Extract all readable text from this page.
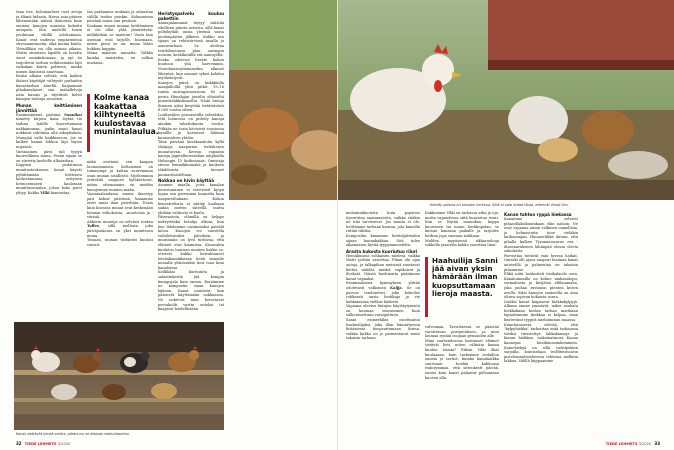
taan itse, koloniaaliset ovat aivoja ja älämä hidasta. Harva asia pääsee lähenemään näissä ihanoissa kuin ominen kanojen munista kokattu autopala. Sitä mielellä toisin joudutaan välillä odottamaan. Kanat ovat uudessa ympäristössä stressaantuneita, eikä munia kuulu. Yleisöllikin voi olla munaa aikaan. Mutta stuarisen lapsille on luvattu omat ominkokonaan, ja nyt he tarjoilevat tarhan verkkosinään lajit vuikukan kiireä poltteen, minkä nimen ihmisissä annetaan.

Kesän alkana selviää, että kaiken ikäiset käyttäjät viihtyvät parhaiten kanaotarhan äärellä. Kaijaamme pihakanalaiset son mahallehoja näin kaunis ja täyttävät kelvit kanojen touhuja seuraten.

Munan keittäminen jännittää

Ensimmäisenä päivänä Sannikai nimetty kirjava kana löytää tie tarhan laitille kuorettomaan nahkamunan, jonka muut kanat nokkivat rahtiinsa alta aikayksikön. Munajää valle kaikkisuvon, jos se kulkee kanan lohkon läpi täysin nopeasti.

Varsinainen pävä tuli tyytyä kuoreellinen muna. Pesän sijaan se on siirtetty keskelle ulkotarhaa.

Kuppien pedatuissa munitusteoksessa kanat käyvät pyhittämään hirttoista kotkottamassa erityisen hermostuneen kaulotaan munittaustaulaa, johon koko parvi yhtyy. Kukko Vilki kannustaa

taa parhaansa mukaan ja aitaustaa välillä teekin peiskin. Kolmantena päivänä muna onu pesässä.

Koskaan ennen munan keittäminen ei ole ollut yhtä jännittävää: miltäköhän se maistuu? Vasta kun asetaan ensi tarjolle, huomaan, miten pieni se on: muna lähes hukkuu kuppiin.

Muna maistuu munalta. Valkka kuinka maistelen, en valksa nuotaisa,

Kolme kanaa kaakattaa kiihtyneeltä kuulostavaa munintalaulua.

mikä erottaisi sen kaupan luomumunista. Keltaisinen on tummempi ja kattaa suuremman osan munan sisällöstä. Myöhemmin yrätväitä naapurit kyläkertovat, miten ottomamme on meidän kanojemme munien maku.

Vaaiamalaudassa munia ilmestyy pari kolme päivässä, kanamme eivät muni ihan päivittäin. Toisin kuin kuvassa munat ovat keskenään hieman erikokoisia, –muotoisia ja -värisiä.

Ahkerin muneija on selvästi ruskea Toffee, sillä mellerin joka päiväjoukossa on yksi munitsuva muna.

Tosiaan, munan värikerät kuulosi vaisuit.

Heristyspalvelu kuuluu pakettiin

Aamupalamunat täytyy säästää edellisen päivän satoista, sillä kanat poltekytkät uusia yleensä vasta puolenpäivän jälkeen. Kukko sen sijaan on rehtivärvissä tasalla jo aamuvarhain. Se aloittaa terittihuutonsa plan auringon nousua, keskikesällä siis aamuyöllä.

Koska odotessi heräte kukon huutoon yhä harvemmin. Vuorokausirytmimmekin alkavat lähentyä, kun asmuut sykeä kohden myöhemtyvät.

Kanojen päivä on kukkkiulla maapalloilla yhtä pitkä: 15–16 tuntia auringonnousuun. Se on perua Himalajan juurilta elänöeltä punaviidakkokanoilta. Näiiä lintuja ihmisen aikoi kesyttää tietättävästi 8 000 vuotta sitten.

Luultavijlen pensasesilla isderäiksi, että luomessa on pidetty kanoja ainakin tuhattukunta vuotta. Pitkään ne tosin hävisivät suosiossa banillle ja kortatvat lähinnä kuraisudeen yhtiön.

Tänä päivänä kesäkanaloita kyllä täänjoja naapurien tivitaloisen munaturvan. Kerran vapaaiin kanoja jagerelkeronislain näiphuilla Helsingin 15 lintkonasas. Omistaja siivosi lemmikkiomakä ja kuoksen tähdötoista kenssit paunavilaisteltaan.

Nokkaa on hivin käyttää

Asunme maalla, jotta kanalan perustaminen ei tarvitsisit kysyä lupaa sen paremmin kunnalta kuin naapureiltakaan. Kukon kenostrelisrta ei säätäy kuukaan sadan metrin säteellä, mutta yhdään valitusta ei kuulu.

Päinvastoin, elämillä on helppo mikrytetäkä botalija ulkoin, kun ime lähdemme uusimmaksi päivälä kotoa. Kanojen voi suostella vaihdettavaksi päiviksin, ja muutamiin on lyvä tuttiivaa, että eläimet ovat kaumissa. Kasavahta kuulatus tuuruen munien lisäksi se, etteivät kukko kuivahtanoet leivänkannikkansa heitä munalle muualla yhtiössäkin tiesi toua kuin kanaloissa.

Keillikkai kuritatata ja salaatinkeriiä jää kompia kanapojala kuin ennen. Keräämme ne kompostin siaan kanojen lajkoon. Kanat nautiivat, kun pääsevät käyttämään nokkaansa. Ne nokivvat mim kovertavat persakoilti vartta ontoksi tai kaapivat heidellistään

Kanat viettävät ylmää orrella, pärduunu ne ottavat maksullaaniinn.
32 TIEDE LEHMETS 3/2020
Kotetty paruna on kanojen herkkua. Siitä ei saisi antaa liikaa, ettenvät ihmat liho.

melonninkuorista kuin popsivat itysrettina anatamatoita, vaikka sitäkin ne toki tarvitsevat. Jos muuta ei ole, heittämme tarhaan kaurua, jota kanoilla riittää tiileksi.

Kompostiin kanamme keittiöjätteiden sijaan kanankakkaa. Sitä tulee aikamoisen hyvää tyyppiannostelta.

Arasta kukosta kuoriutuu riiuri

Heinäkuussa rohkaisen mieleni, vaikka Matti yrittää varoittaa. Pihan ohi ajaa autoja, ja talkapihan metsissä raastavat kettut, näädät, minkit, supikoirat ja ilveksät. Näistä huolimatta päätämme kanat vapaaksi.

Ensimmäisenä kymmyksen ylittää odotetusti valkoinen Kaljja. Se on parvon tenduatteri, joka kokeilee rohkeasti uusia herkkuja ja vie kahkamansa vielkus kädestä.

Vapaana olevien lintujen käyttäytymistä on kuumaa seuraminen kuin sulkeutuettuun varsiguttuen.

Sanni esimerkiksi osoittautuu haaheulijaksi, joka illan hämärtyessä liittäsiessä kuopsuttamaan kirma, vaikka kukko on jo paimentanut muut takaisin tarhaan.

Kukkomme Vilki on tarhassa arka ja ujo, mutta vapaudessa siitä kuoriutuu riiuri. Kun se löytää muonikau, koppa kuorinsen tai muun herkkupalan, se kutsuu kanansa paikalle ja tarjoilee herkun jopa suoraan nokkaan.

Mulden myyäsessä rikkaruohoja sokkella jaasteita kukko suorittaa lima-

Haahuilija Sanni jää aivan yksin hämärään ilman kuopsuttamaan lieroja maasta.

valvonnaa. Tarvittaessa se päästää varoittavan portputuksen, ja muu laumaa ryntää suojaan pensaiden alle.

Minä vanhenduessa kaivuuset eläimet tietävät heti, miten välinäin kanan kuuluu toimia? Edisin Vilki ilhat kuulaaaan, kuin tarkemme seduillon omista je tavtiot, kuinka kanahaukka suurtaaut heidän kukkonsa esiinrymmaa, että sittenkestt päivää, ennen kuin kanat palaavat pilloomaan kuoeen alla.

Kanan tahtoo ryppä hiekassa

Kanamme selvästi pihasellaksikuninkaan elän nahoin. Ne ovat vapaana aimin valkinen oamellisia, ja helmastutta tuoe vieläkin kuthaiempia. Hinuaeriikkä datum, että pihalla kulkee Tyranmosaurus rex -dinosaurukseen lähimpää elossa olevia sukulaista.

Parvisttaa tietävät vain herran hatkat. Omeski olli ajava naapuri huomaa kanat auirtetllä ja palmentaa ne takaisin pihaamme.

Elikä niitä houkutteli tiisikalaeile sora. Kanaluimmilla on kolme mahaanlopu, sormahasta ja kivijätsä ellihaamaha, joka jauhaa ravinnon pienten kivien avulla. Siksi kanojen saatavilla on aina oltava sopivan kokoista soraa.

Lisäksi kanat kaipaavat hiekkakylpyjä. Alkuun emme ymmärrä, mikei vanhata hiekkakaan kostan tarhan marikaan lapioittamme tiiekkaa ei kelpaa, vaan keatevämt ryypeä mieluummin maassa.

Kiinnhuoaiseta selviää, että "kylpyhiekka" tarkoittaa mitä tarkaansa tiiviksi tiivistettyä lakkakansoja ja kissan hiekkan, vaikeinatinosa Kanaa kannepia hissilämsaimkemmein. Kainohiekyä on sillä vadelpekien sarjoilla, kuntiselaan teolfiteiseasein pistelemmitiiseheessa tehtassa melkein lukkua. Välillä kiippaamme

TIEDE LEHMETS 3/2020 33
